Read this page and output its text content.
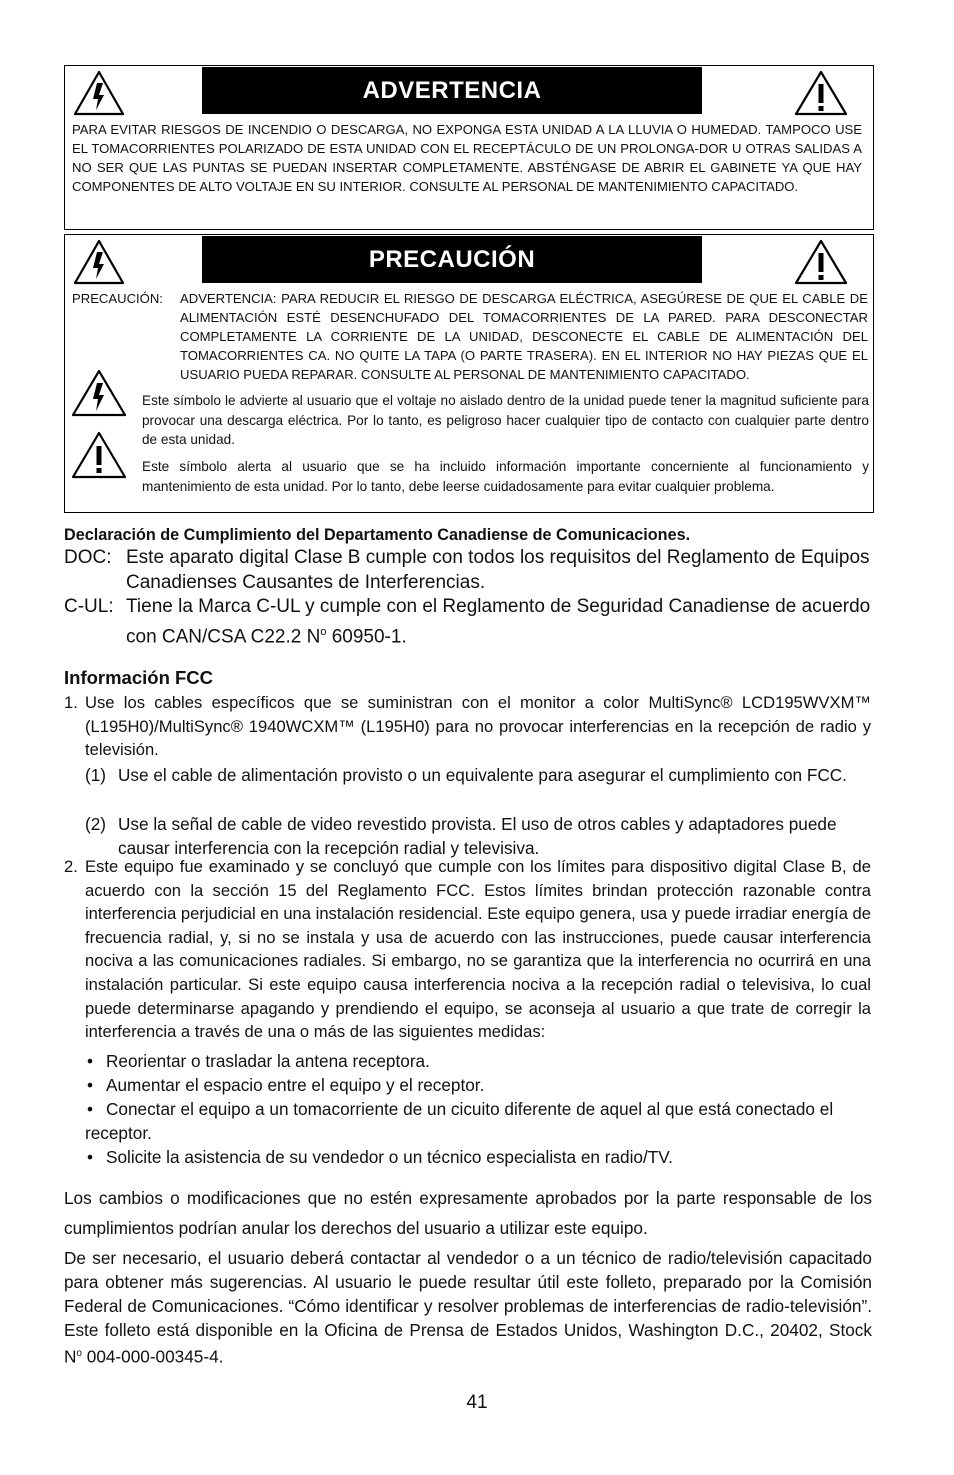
ADVERTENCIA
PARA EVITAR RIESGOS DE INCENDIO O DESCARGA, NO EXPONGA ESTA UNIDAD A LA LLUVIA O HUMEDAD. TAMPOCO USE EL TOMACORRIENTES POLARIZADO DE ESTA UNIDAD CON EL RECEPTÁCULO DE UN PROLONGA-DOR U OTRAS SALIDAS A NO SER QUE LAS PUNTAS SE PUEDAN INSERTAR COMPLETAMENTE. ABSTÉNGASE DE ABRIR EL GABINETE YA QUE HAY COMPONENTES DE ALTO VOLTAJE EN SU INTERIOR. CONSULTE AL PERSONAL DE MANTENIMIENTO CAPACITADO.
PRECAUCIÓN
PRECAUCIÓN: ADVERTENCIA: PARA REDUCIR EL RIESGO DE DESCARGA ELÉCTRICA, ASEGÚRESE DE QUE EL CABLE DE ALIMENTACIÓN ESTÉ DESENCHUFADO DEL TOMACORRIENTES DE LA PARED. PARA DESCONECTAR COMPLETAMENTE LA CORRIENTE DE LA UNIDAD, DESCONECTE EL CABLE DE ALIMENTACIÓN DEL TOMACORRIENTES CA. NO QUITE LA TAPA (O PARTE TRASERA). EN EL INTERIOR NO HAY PIEZAS QUE EL USUARIO PUEDA REPARAR. CONSULTE AL PERSONAL DE MANTENIMIENTO CAPACITADO.
Este símbolo le advierte al usuario que el voltaje no aislado dentro de la unidad puede tener la magnitud suficiente para provocar una descarga eléctrica. Por lo tanto, es peligroso hacer cualquier tipo de contacto con cualquier parte dentro de esta unidad.
Este símbolo alerta al usuario que se ha incluido información importante concerniente al funcionamiento y mantenimiento de esta unidad. Por lo tanto, debe leerse cuidadosamente para evitar cualquier problema.
Declaración de Cumplimiento del Departamento Canadiense de Comunicaciones.
DOC: Este aparato digital Clase B cumple con todos los requisitos del Reglamento de Equipos Canadienses Causantes de Interferencias.
C-UL: Tiene la Marca C-UL y cumple con el Reglamento de Seguridad Canadiense de acuerdo con CAN/CSA C22.2 $N^o$ 60950-1.
Información FCC
1. Use los cables específicos que se suministran con el monitor a color MultiSync® LCD195WVXM™ (L195H0)/MultiSync® 1940WCXM™ (L195H0) para no provocar interferencias en la recepción de radio y televisión.
(1) Use el cable de alimentación provisto o un equivalente para asegurar el cumplimiento con FCC.
(2) Use la señal de cable de video revestido provista. El uso de otros cables y adaptadores puede causar interferencia con la recepción radial y televisiva.
2. Este equipo fue examinado y se concluyó que cumple con los límites para dispositivo digital Clase B, de acuerdo con la sección 15 del Reglamento FCC. Estos límites brindan protección razonable contra interferencia perjudicial en una instalación residencial. Este equipo genera, usa y puede irradiar energía de frecuencia radial, y, si no se instala y usa de acuerdo con las instrucciones, puede causar interferencia nociva a las comunicaciones radiales. Si embargo, no se garantiza que la interferencia no ocurrirá en una instalación particular. Si este equipo causa interferencia nociva a la recepción radial o televisiva, lo cual puede determinarse apagando y prendiendo el equipo, se aconseja al usuario a que trate de corregir la interferencia a través de una o más de las siguientes medidas:
• Reorientar o trasladar la antena receptora.
• Aumentar el espacio entre el equipo y el receptor.
• Conectar el equipo a un tomacorriente de un cicuito diferente de aquel al que está conectado el receptor.
• Solicite la asistencia de su vendedor o un técnico especialista en radio/TV.
Los cambios o modificaciones que no estén expresamente aprobados por la parte responsable de los cumplimientos podrían anular los derechos del usuario a utilizar este equipo.
De ser necesario, el usuario deberá contactar al vendedor o a un técnico de radio/televisión capacitado para obtener más sugerencias. Al usuario le puede resultar útil este folleto, preparado por la Comisión Federal de Comunicaciones. “Cómo identificar y resolver problemas de interferencias de radio-televisión”. Este folleto está disponible en la Oficina de Prensa de Estados Unidos, Washington D.C., 20402, Stock $N^o$ 004-000-00345-4.
41
